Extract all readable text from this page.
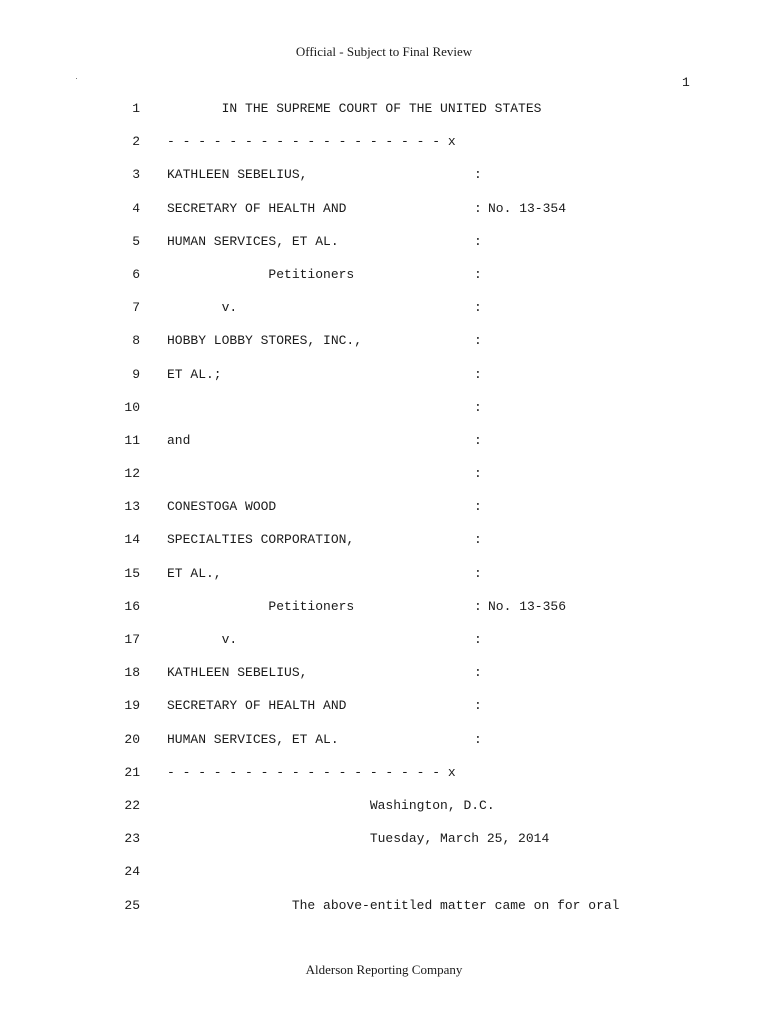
Official - Subject to Final Review
1
1 IN THE SUPREME COURT OF THE UNITED STATES
2 - - - - - - - - - - - - - - - - - - x
3 KATHLEEN SEBELIUS,	:
4 SECRETARY OF HEALTH AND	: No. 13-354
5 HUMAN SERVICES, ET AL.	:
6 Petitioners	:
7 v.	:
8 HOBBY LOBBY STORES, INC.,	:
9 ET AL.;	:
10	:
11 and	:
12	:
13 CONESTOGA WOOD	:
14 SPECIALTIES CORPORATION,	:
15 ET AL.,	:
16 Petitioners	: No. 13-356
17 v.	:
18 KATHLEEN SEBELIUS,	:
19 SECRETARY OF HEALTH AND	:
20 HUMAN SERVICES, ET AL.	:
21 - - - - - - - - - - - - - - - - - - x
22 Washington, D.C.
23 Tuesday, March 25, 2014
24
25 The above-entitled matter came on for oral
Alderson Reporting Company
